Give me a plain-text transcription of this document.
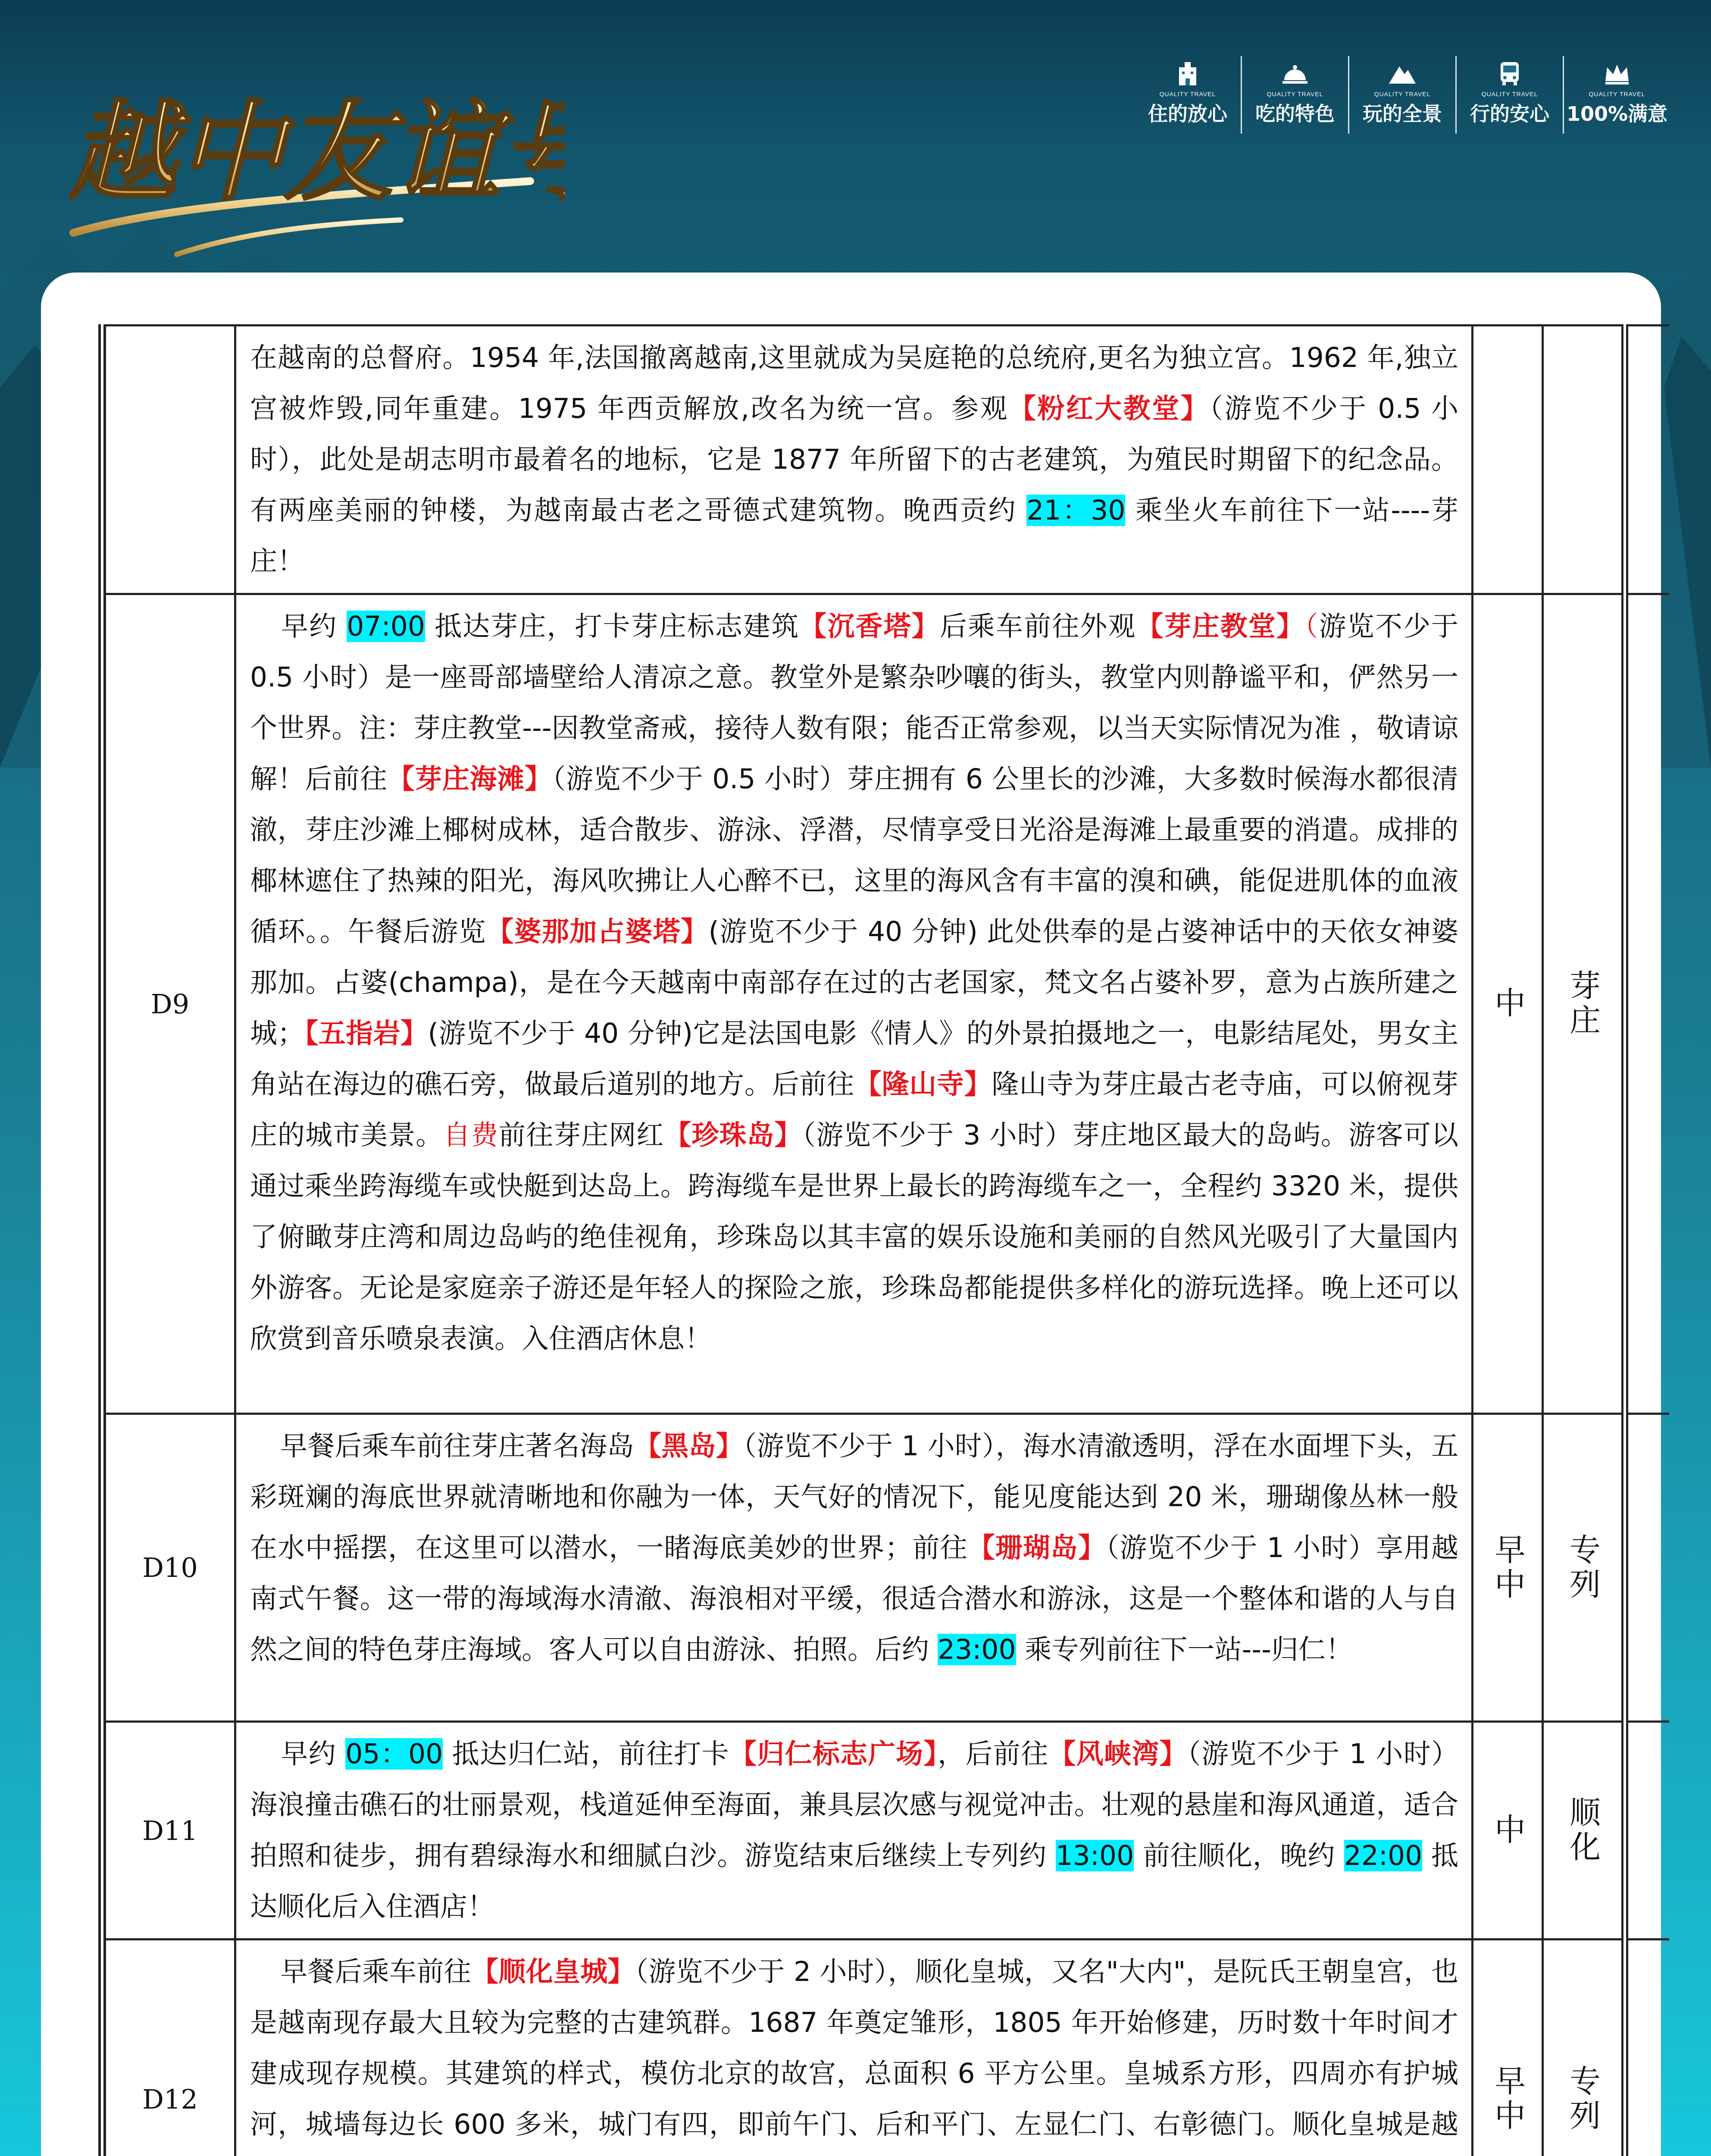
越中友谊号	QUALITY TRAVEL
住的放心
QUALITY TRAVEL
吃的特色
QUALITY TRAVEL
玩的全景
QUALITY TRAVEL
行的安心
QUALITY TRAVEL
100%满意
	在越南的总督府。1954 年,法国撤离越南,这里就成为吴庭艳的总统府,更名为独立宫。1962 年,独立宫被炸毁,同年重建。1975 年西贡解放,改名为统一宫。参观【粉红大教堂】（游览不少于 0.5 小时），此处是胡志明市最着名的地标，它是 1877 年所留下的古老建筑，为殖民时期留下的纪念品。有两座美丽的钟楼，为越南最古老之哥德式建筑物。晚西贡约 21：30 乘坐火车前往下一站----芽庄！	

D9	早约 07:00 抵达芽庄，打卡芽庄标志建筑【沉香塔】后乘车前往外观【芽庄教堂】（游览不少于 0.5 小时）是一座哥部墙壁给人清凉之意。教堂外是繁杂吵嚷的街头，教堂内则静谧平和，俨然另一个世界。注：芽庄教堂---因教堂斋戒，接待人数有限；能否正常参观，以当天实际情况为准 ，敬请谅解！后前往【芽庄海滩】（游览不少于 0.5 小时）芽庄拥有 6 公里长的沙滩，大多数时候海水都很清澈，芽庄沙滩上椰树成林，适合散步、游泳、浮潜，尽情享受日光浴是海滩上最重要的消遣。成排的椰林遮住了热辣的阳光，海风吹拂让人心醉不已，这里的海风含有丰富的溴和碘，能促进肌体的血液循环。。午餐后游览【婆那加占婆塔】(游览不少于 40 分钟) 此处供奉的是占婆神话中的天依女神婆那加。占婆(champa)，是在今天越南中南部存在过的古老国家，梵文名占婆补罗，意为占族所建之城；【五指岩】(游览不少于 40 分钟)它是法国电影《情人》的外景拍摄地之一，电影结尾处，男女主角站在海边的礁石旁，做最后道别的地方。后前往【隆山寺】隆山寺为芽庄最古老寺庙，可以俯视芽庄的城市美景。自费前往芽庄网红【珍珠岛】（游览不少于 3 小时）芽庄地区最大的岛屿。游客可以通过乘坐跨海缆车或快艇到达岛上。跨海缆车是世界上最长的跨海缆车之一，全程约 3320 米，提供了俯瞰芽庄湾和周边岛屿的绝佳视角，珍珠岛以其丰富的娱乐设施和美丽的自然风光吸引了大量国内外游客。无论是家庭亲子游还是年轻人的探险之旅，珍珠岛都能提供多样化的游玩选择。晚上还可以欣赏到音乐喷泉表演。入住酒店休息！	中	芽庄	

D10	早餐后乘车前往芽庄著名海岛【黑岛】（游览不少于 1 小时），海水清澈透明，浮在水面埋下头，五彩斑斓的海底世界就清晰地和你融为一体，天气好的情况下，能见度能达到 20 米，珊瑚像丛林一般在水中摇摆，在这里可以潜水，一睹海底美妙的世界；前往【珊瑚岛】（游览不少于 1 小时）享用越南式午餐。这一带的海域海水清澈、海浪相对平缓，很适合潜水和游泳，这是一个整体和谐的人与自然之间的特色芽庄海域。客人可以自由游泳、拍照。后约 23:00 乘专列前往下一站---归仁！	早中	专列	

D11	早约 05：00 抵达归仁站，前往打卡【归仁标志广场】，后前往【风峡湾】（游览不少于 1 小时）海浪撞击礁石的壮丽景观，栈道延伸至海面，兼具层次感与视觉冲击。壮观的悬崖和海风通道，适合拍照和徒步，拥有碧绿海水和细腻白沙。游览结束后继续上专列约 13:00 前往顺化，晚约 22:00 抵达顺化后入住酒店！	中	顺化	

D12	早餐后乘车前往【顺化皇城】（游览不少于 2 小时），顺化皇城，又名"大内"，是阮氏王朝皇宫，也是越南现存最大且较为完整的古建筑群。1687 年奠定雏形，1805 年开始修建，历时数十年时间才建成现存规模。其建筑的样式，模仿北京的故宫，总面积 6 平方公里。皇城系方形，四周亦有护城河，城墙每边长 600 多米，城门有四，即前午门、后和平门、左显仁门、右彰德门。顺化皇城是越	早中	专列	
